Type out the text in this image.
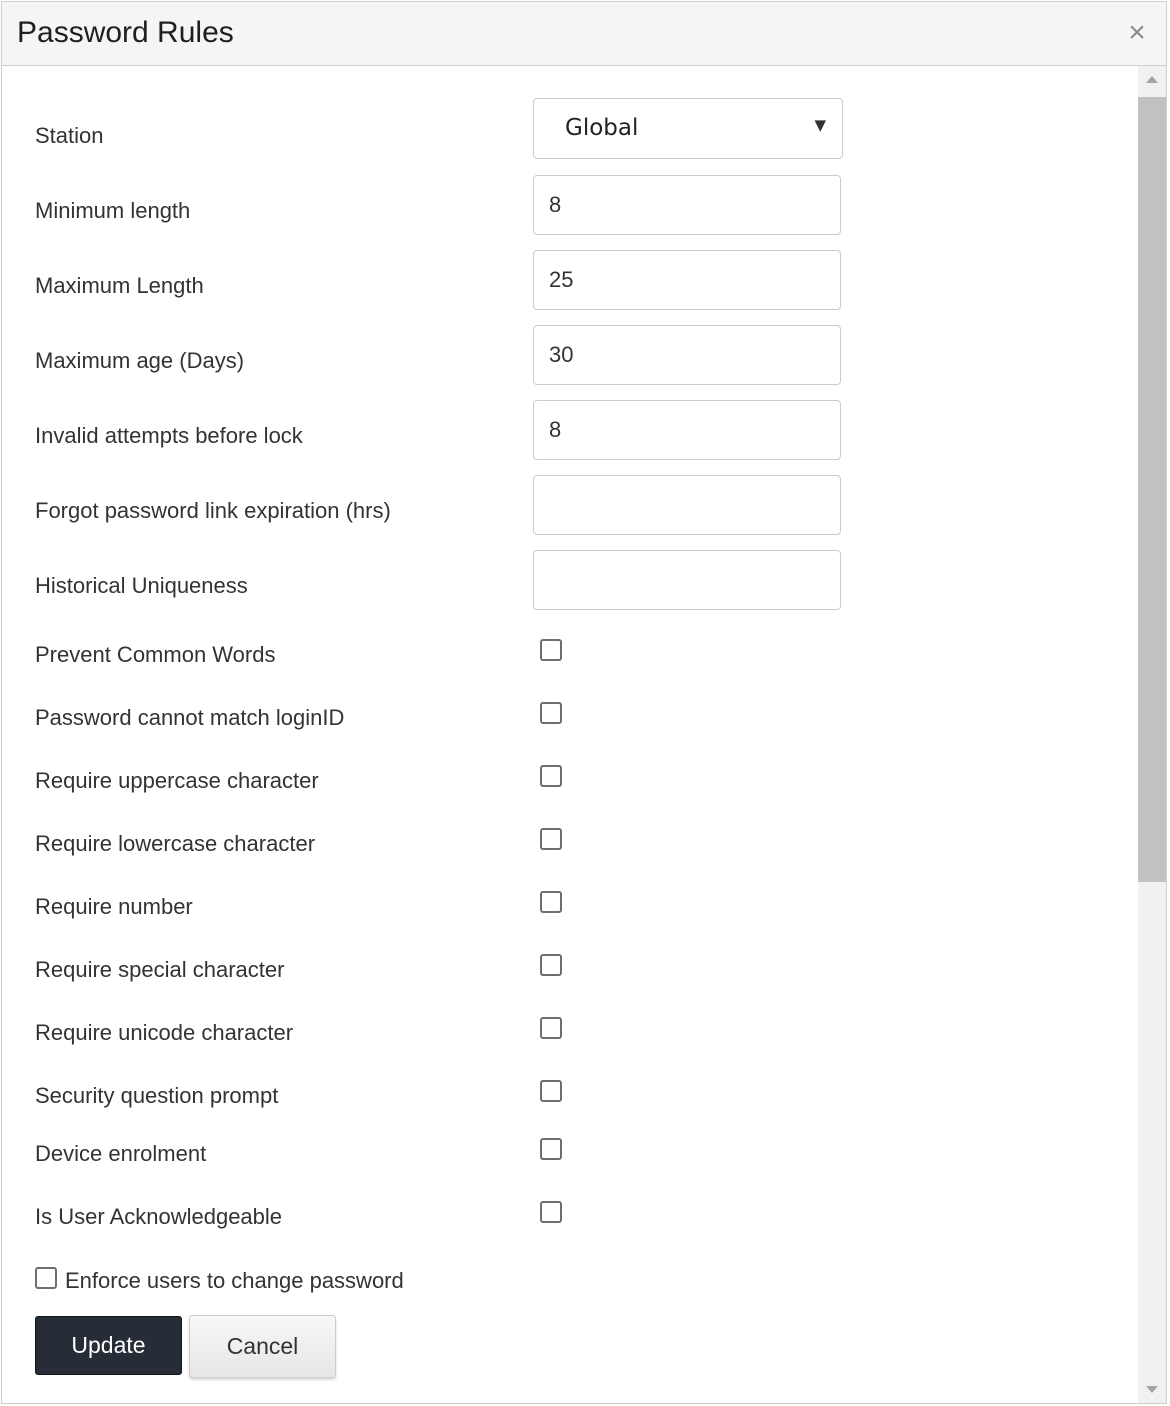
Password Rules	×
Station	Global	▼
Minimum length	8
Maximum Length	25
Maximum age (Days)	30
Invalid attempts before lock	8
Forgot password link expiration (hrs)
Historical Uniqueness
Prevent Common Words
Password cannot match loginID
Require uppercase character
Require lowercase character
Require number
Require special character
Require unicode character
Security question prompt
Device enrolment
Is User Acknowledgeable
Enforce users to change password
Update	Cancel
